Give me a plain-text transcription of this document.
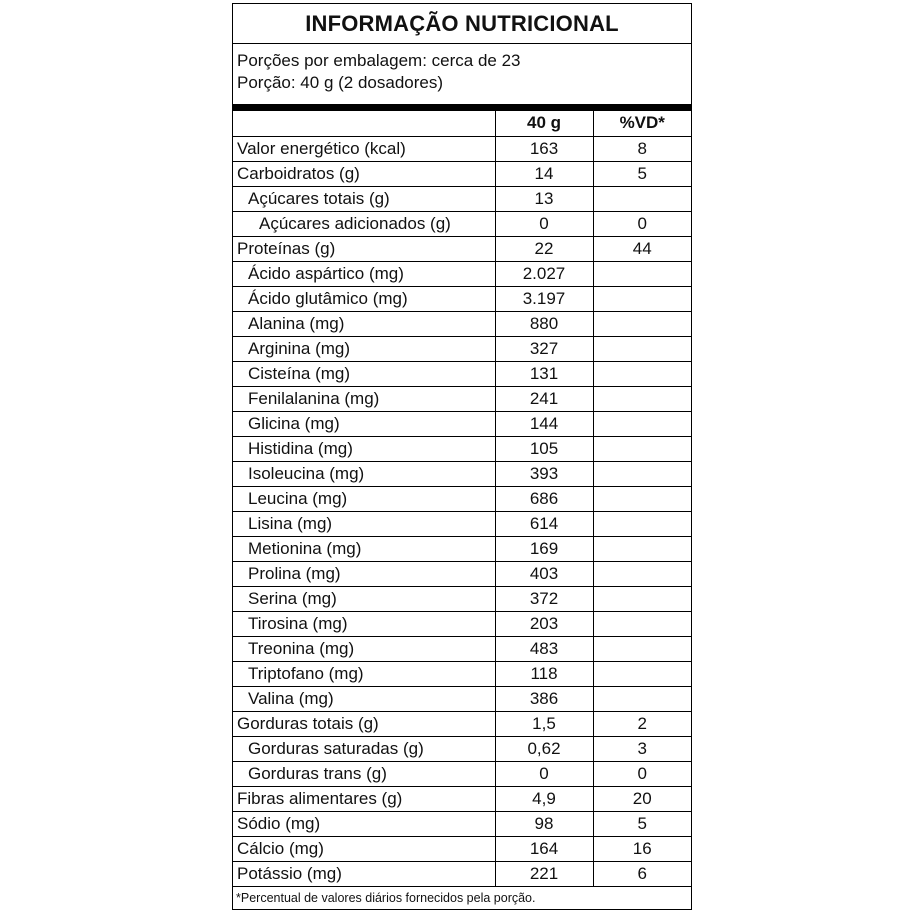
INFORMAÇÃO NUTRICIONAL
Porções por embalagem: cerca de 23
Porção: 40 g (2 dosadores)
	40 g	%VD*
Valor energético (kcal)	163	8
Carboidratos (g)	14	5
Açúcares totais (g)	13	
Açúcares adicionados (g)	0	0
Proteínas (g)	22	44
Ácido aspártico (mg)	2.027	
Ácido glutâmico (mg)	3.197	
Alanina (mg)	880	
Arginina (mg)	327	
Cisteína (mg)	131	
Fenilalanina (mg)	241	
Glicina (mg)	144	
Histidina (mg)	105	
Isoleucina (mg)	393	
Leucina (mg)	686	
Lisina (mg)	614	
Metionina (mg)	169	
Prolina (mg)	403	
Serina (mg)	372	
Tirosina (mg)	203	
Treonina (mg)	483	
Triptofano (mg)	118	
Valina (mg)	386	
Gorduras totais (g)	1,5	2
Gorduras saturadas (g)	0,62	3
Gorduras trans (g)	0	0
Fibras alimentares (g)	4,9	20
Sódio (mg)	98	5
Cálcio (mg)	164	16
Potássio (mg)	221	6
*Percentual de valores diários fornecidos pela porção.
